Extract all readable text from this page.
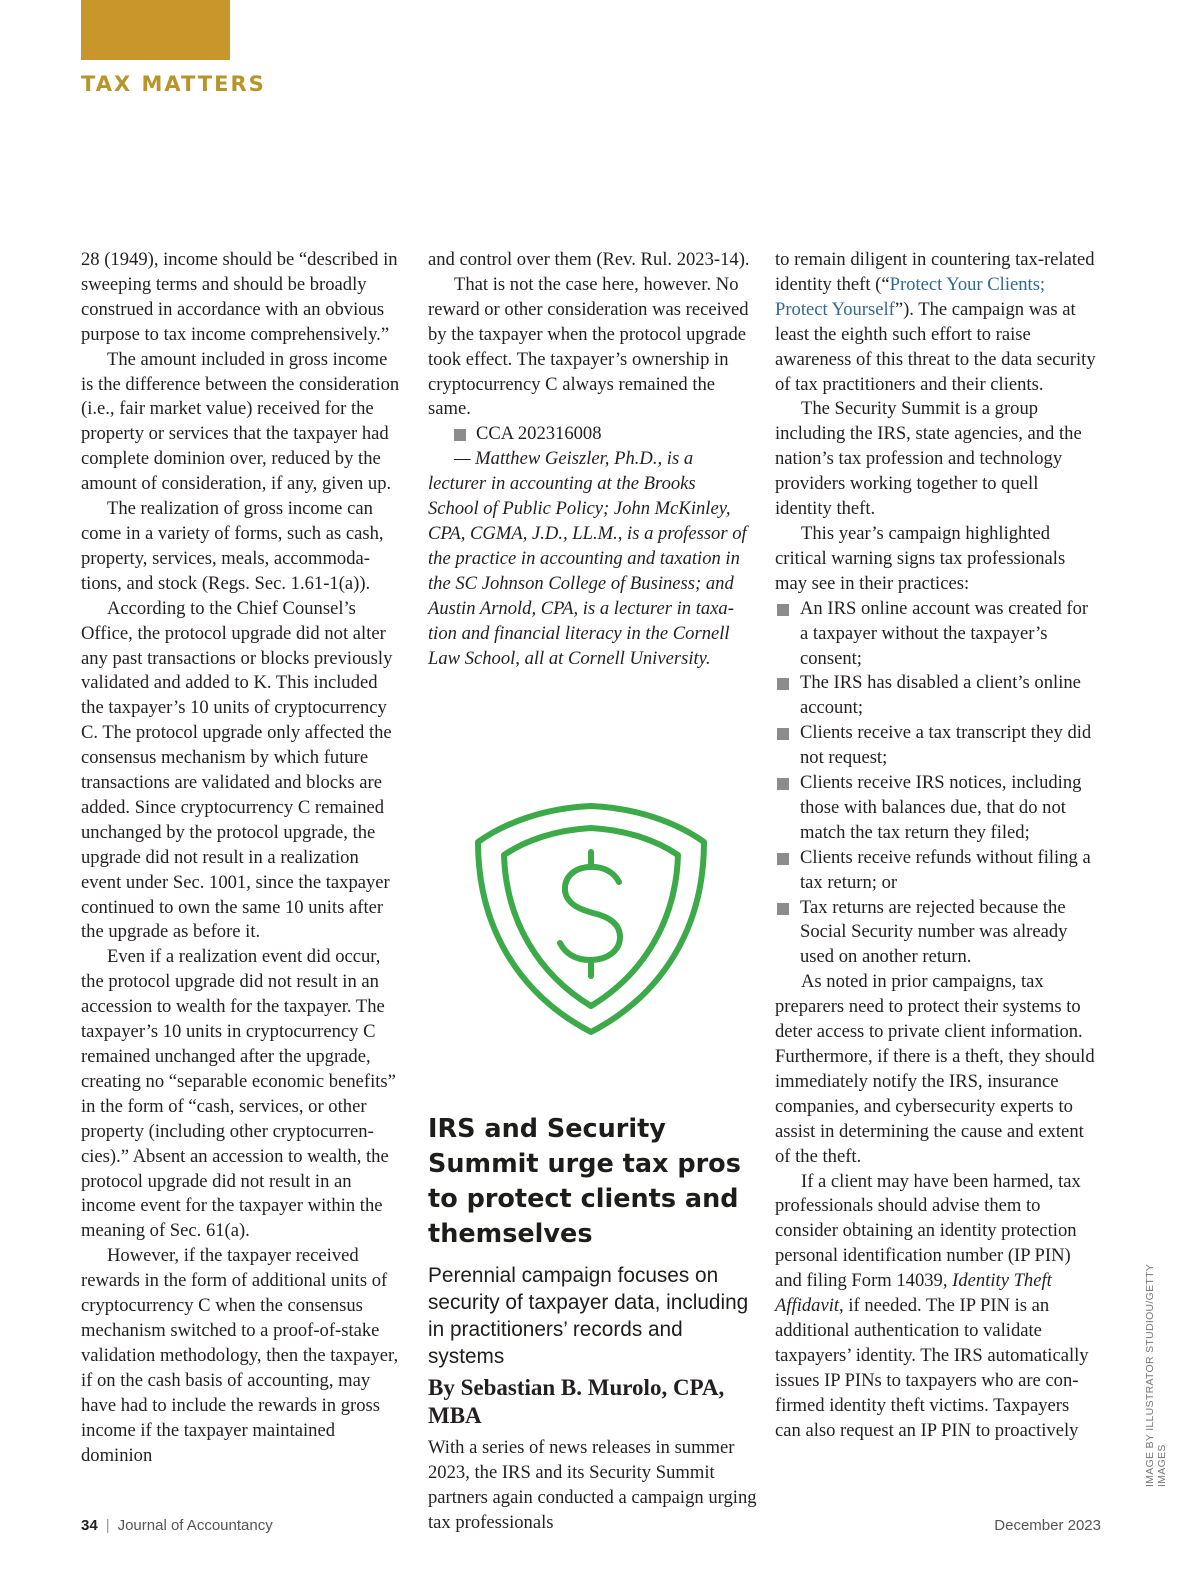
TAX MATTERS

28 (1949), income should be “described in sweeping terms and should be broadly construed in accordance with an obvious purpose to tax income comprehensively.”

The amount included in gross income is the difference between the consideration (i.e., fair market value) received for the property or services that the taxpayer had complete dominion over, reduced by the amount of consideration, if any, given up.

The realization of gross income can come in a variety of forms, such as cash, property, services, meals, accommodations, and stock (Regs. Sec. 1.61-1(a)).

According to the Chief Counsel’s Office, the protocol upgrade did not alter any past transactions or blocks previously validated and added to K. This included the taxpayer’s 10 units of cryptocurrency C. The protocol upgrade only affected the consensus mechanism by which future transactions are validated and blocks are added. Since cryptocurrency C remained unchanged by the protocol upgrade, the upgrade did not result in a realization event under Sec. 1001, since the taxpayer continued to own the same 10 units after the upgrade as before it.

Even if a realization event did occur, the protocol upgrade did not result in an accession to wealth for the taxpayer. The taxpayer’s 10 units in cryptocurrency C remained unchanged after the upgrade, creating no “separable economic benefits” in the form of “cash, services, or other property (including other cryptocurrencies).” Absent an accession to wealth, the protocol upgrade did not result in an income event for the taxpayer within the meaning of Sec. 61(a).

However, if the taxpayer received rewards in the form of additional units of cryptocurrency C when the consensus mechanism switched to a proof-of-stake validation methodology, then the taxpayer, if on the cash basis of accounting, may have had to include the rewards in gross income if the taxpayer maintained dominion

and control over them (Rev. Rul. 2023-14).

That is not the case here, however. No reward or other consideration was received by the taxpayer when the protocol upgrade took effect. The taxpayer’s ownership in cryptocurrency C always remained the same.

CCA 202316008

— Matthew Geiszler, Ph.D., is a lecturer in accounting at the Brooks School of Public Policy; John McKinley, CPA, CGMA, J.D., LL.M., is a professor of the practice in accounting and taxation in the SC Johnson College of Business; and Austin Arnold, CPA, is a lecturer in taxation and financial literacy in the Cornell Law School, all at Cornell University.

IRS and Security Summit urge tax pros to protect clients and themselves

Perennial campaign focuses on security of taxpayer data, including in practitioners’ records and systems

By Sebastian B. Murolo, CPA, MBA

With a series of news releases in summer 2023, the IRS and its Security Summit partners again conducted a campaign urging tax professionals

to remain diligent in countering tax-related identity theft (“Protect Your Clients; Protect Yourself”). The campaign was at least the eighth such effort to raise awareness of this threat to the data security of tax practitioners and their clients.

The Security Summit is a group including the IRS, state agencies, and the nation’s tax profession and technology providers working together to quell identity theft.

This year’s campaign highlighted critical warning signs tax professionals may see in their practices:

An IRS online account was created for a taxpayer without the taxpayer’s consent;
The IRS has disabled a client’s online account;
Clients receive a tax transcript they did not request;
Clients receive IRS notices, including those with balances due, that do not match the tax return they filed;
Clients receive refunds without filing a tax return; or
Tax returns are rejected because the Social Security number was already used on another return.

As noted in prior campaigns, tax preparers need to protect their systems to deter access to private client information. Furthermore, if there is a theft, they should immediately notify the IRS, insurance companies, and cybersecurity experts to assist in determining the cause and extent of the theft.

If a client may have been harmed, tax professionals should advise them to consider obtaining an identity protection personal identification number (IP PIN) and filing Form 14039, Identity Theft Affidavit, if needed. The IP PIN is an additional authentication to validate taxpayers’ identity. The IRS automatically issues IP PINs to taxpayers who are confirmed identity theft victims. Taxpayers can also request an IP PIN to proactively	IMAGE BY ILLUSTRATOR STUDIOU/GETTY IMAGES
34 | Journal of Accountancy	December 2023
